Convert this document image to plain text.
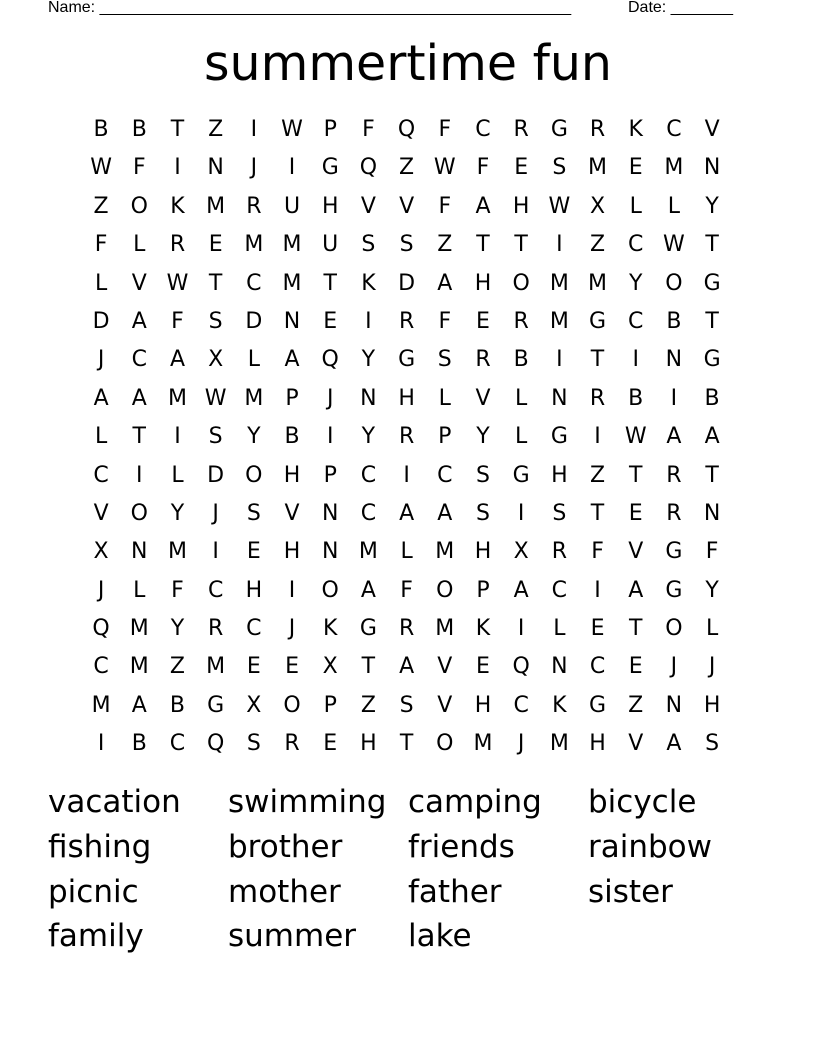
Name: _____________________________________________________	Date: _______
summertime fun
B	B	T	Z	I	W P	F	Q	F	C	R	G	R	K	C	V
W F	I	N	J	I	G Q Z W F	E	S M E M N
Z O	K M R	U H	V	V	F	A	H W X	L	L	Y
F	L	R	E M M U	S	S	Z	T	T	I	Z	C W T
L	V W T	C M T	K	D	A	H O M M Y	O G
D	A	F	S	D N	E	I	R	F	E	R M G C	B	T
J	C	A	X	L	A Q	Y	G	S	R	B	I	T	I	N G
A	A M W M	P	J	N H	L	V	L	N	R	B	I	B
L	T	I	S	Y	B	I	Y	R	P	Y	L	G	I	W A	A
C	I	L	D O H	P	C	I	C	S	G H	Z	T	R	T
V O	Y	J	S	V	N	C	A	A	S	I	S	T	E	R	N
X	N M	I	E	H N M	L	M H	X	R	F	V	G	F
J	L	F	C	H	I	O	A	F	O	P	A	C	I	A	G	Y
Q M Y	R	C	J	K	G	R M K	I	L	E	T	O	L
C M Z M E	E	X	T	A	V	E	Q N	C	E	J	J
M A	B	G	X O	P	Z	S	V	H	C	K	G	Z	N H
I	B	C Q	S	R	E	H	T	O M	J	M H	V	A	S
vacation	swimming camping	bicycle
fishing	brother	friends	rainbow
picnic	mother	father	sister
family	summer	lake
